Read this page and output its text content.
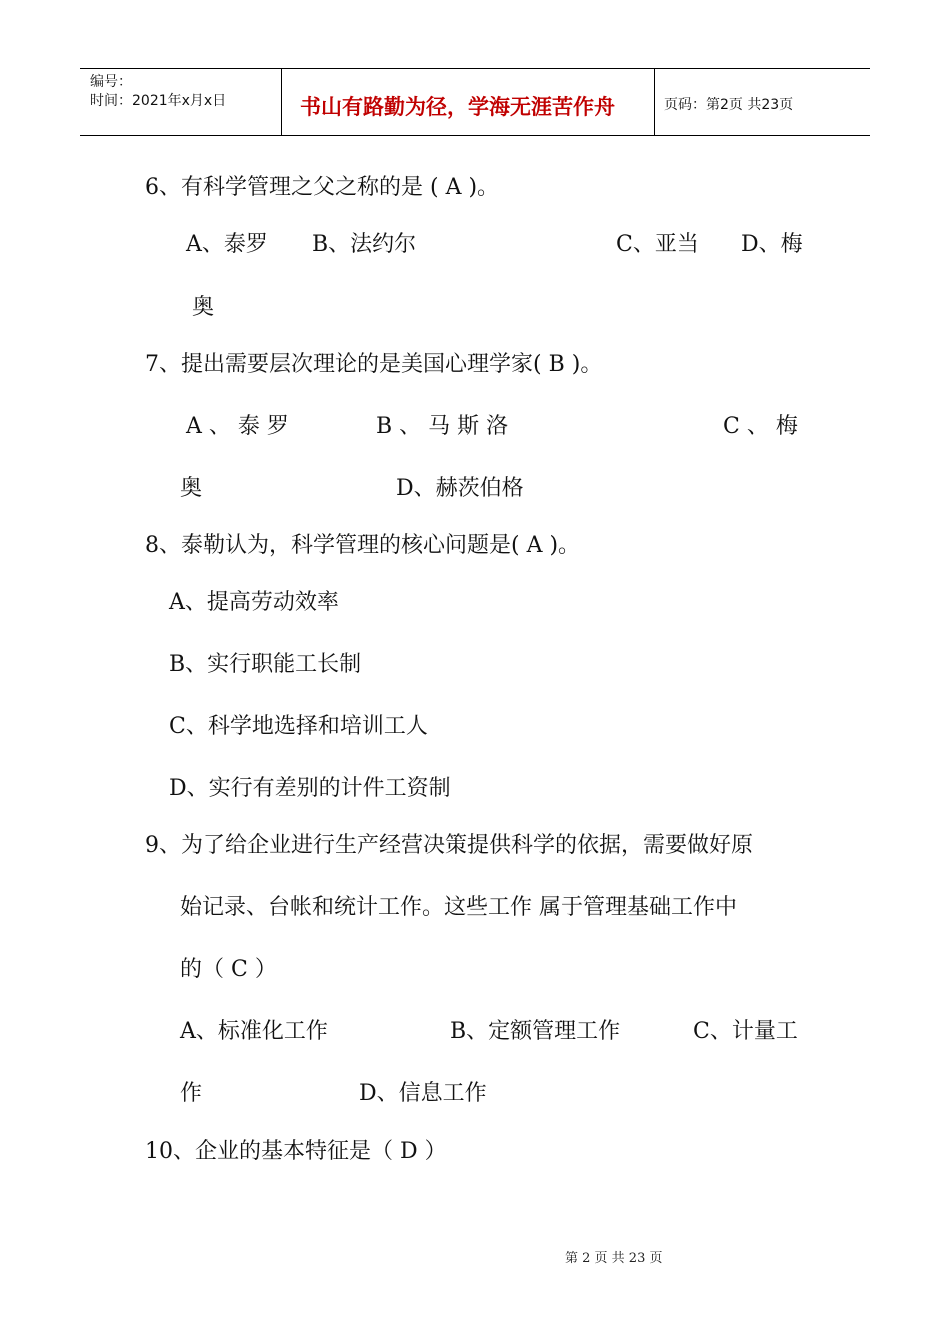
编号：
时间：2021年x月x日	书山有路勤为径，学海无涯苦作舟	页码：第2页 共23页
6、有科学管理之父之称的是 ( A )。
A、泰罗 B、法约尔	C、亚当 D、梅
奥
7、提出需要层次理论的是美国心理学家( B )。
A 、 泰 罗	B 、 马 斯 洛	C 、 梅
奥	D、赫茨伯格
8、泰勒认为，科学管理的核心问题是( A )。
A、提高劳动效率
B、实行职能工长制
C、科学地选择和培训工人
D、实行有差别的计件工资制
9、为了给企业进行生产经营决策提供科学的依据，需要做好原
始记录、台帐和统计工作。这些工作 属于管理基础工作中
的（ C ）
A、标准化工作	B、定额管理工作	C、计量工
作	D、信息工作
10、企业的基本特征是（ D ）
第 2 页 共 23 页
